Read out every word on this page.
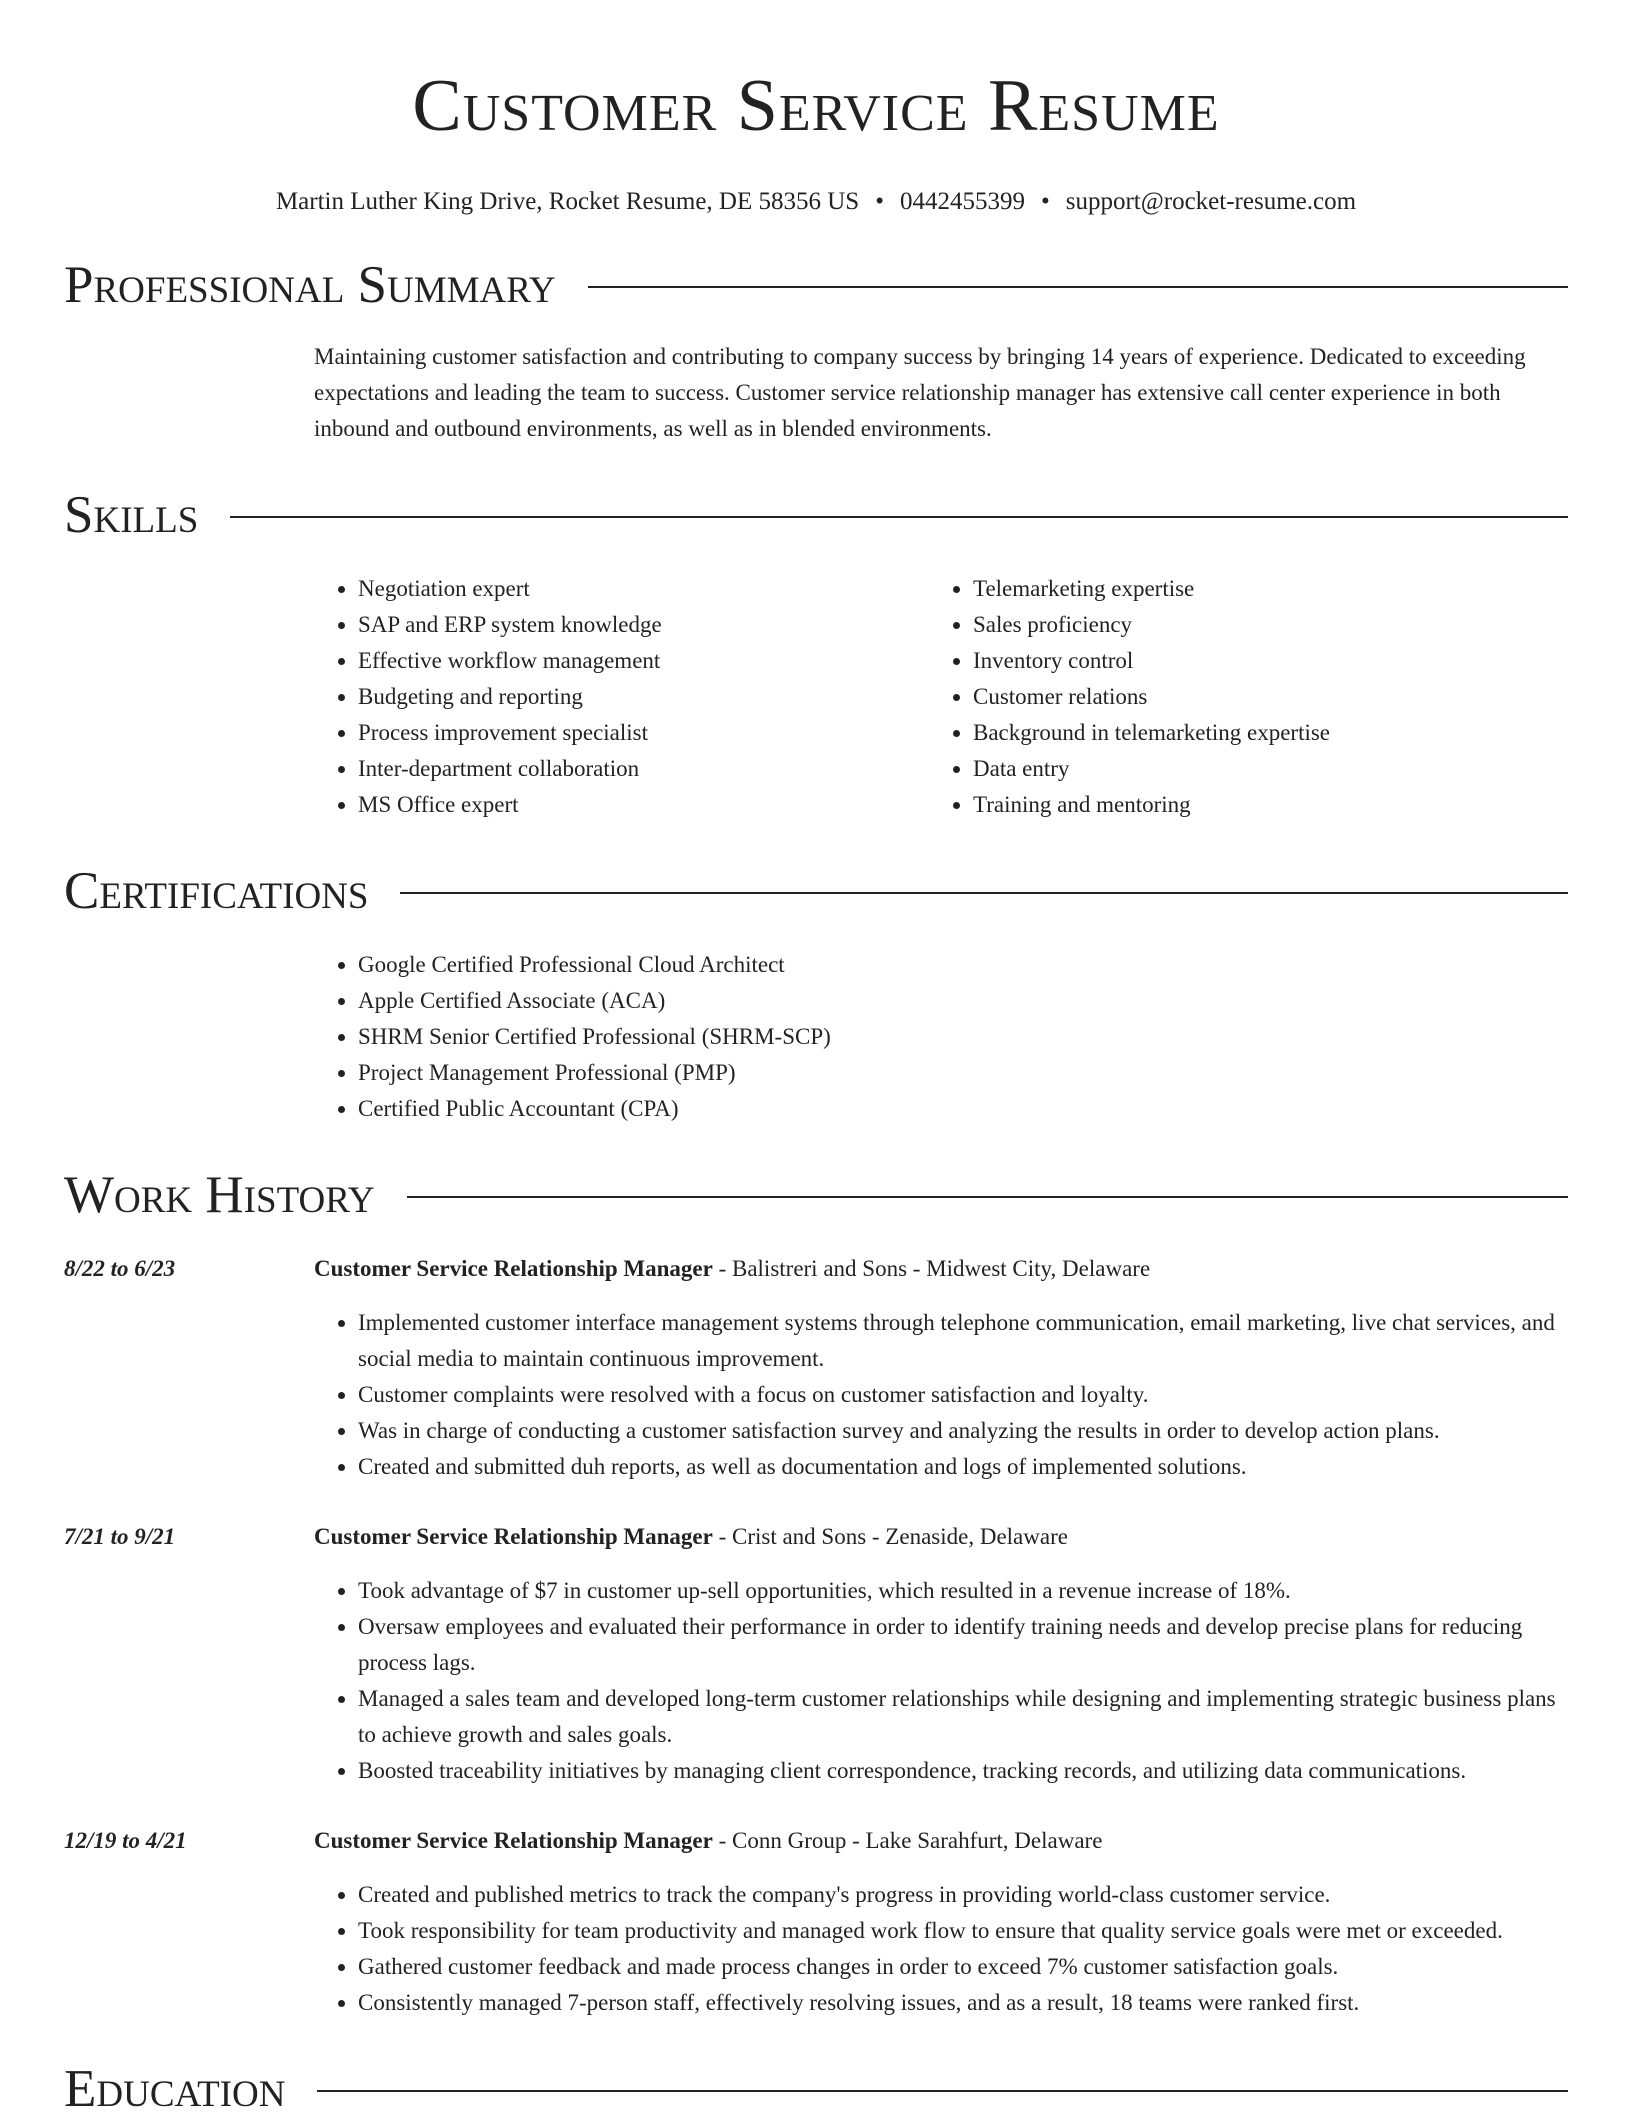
Customer Service Resume
Martin Luther King Drive, Rocket Resume, DE 58356 US • 0442455399 • support@rocket-resume.com
Professional Summary
Maintaining customer satisfaction and contributing to company success by bringing 14 years of experience. Dedicated to exceeding expectations and leading the team to success. Customer service relationship manager has extensive call center experience in both inbound and outbound environments, as well as in blended environments.
Skills
• Negotiation expert
• SAP and ERP system knowledge
• Effective workflow management
• Budgeting and reporting
• Process improvement specialist
• Inter-department collaboration
• MS Office expert
• Telemarketing expertise
• Sales proficiency
• Inventory control
• Customer relations
• Background in telemarketing expertise
• Data entry
• Training and mentoring
Certifications
• Google Certified Professional Cloud Architect
• Apple Certified Associate (ACA)
• SHRM Senior Certified Professional (SHRM-SCP)
• Project Management Professional (PMP)
• Certified Public Accountant (CPA)
Work History
8/22 to 6/23	Customer Service Relationship Manager - Balistreri and Sons - Midwest City, Delaware
• Implemented customer interface management systems through telephone communication, email marketing, live chat services, and social media to maintain continuous improvement.
• Customer complaints were resolved with a focus on customer satisfaction and loyalty.
• Was in charge of conducting a customer satisfaction survey and analyzing the results in order to develop action plans.
• Created and submitted duh reports, as well as documentation and logs of implemented solutions.
7/21 to 9/21	Customer Service Relationship Manager - Crist and Sons - Zenaside, Delaware
• Took advantage of $7 in customer up-sell opportunities, which resulted in a revenue increase of 18%.
• Oversaw employees and evaluated their performance in order to identify training needs and develop precise plans for reducing process lags.
• Managed a sales team and developed long-term customer relationships while designing and implementing strategic business plans to achieve growth and sales goals.
• Boosted traceability initiatives by managing client correspondence, tracking records, and utilizing data communications.
12/19 to 4/21	Customer Service Relationship Manager - Conn Group - Lake Sarahfurt, Delaware
• Created and published metrics to track the company's progress in providing world-class customer service.
• Took responsibility for team productivity and managed work flow to ensure that quality service goals were met or exceeded.
• Gathered customer feedback and made process changes in order to exceed 7% customer satisfaction goals.
• Consistently managed 7-person staff, effectively resolving issues, and as a result, 18 teams were ranked first.
Education
